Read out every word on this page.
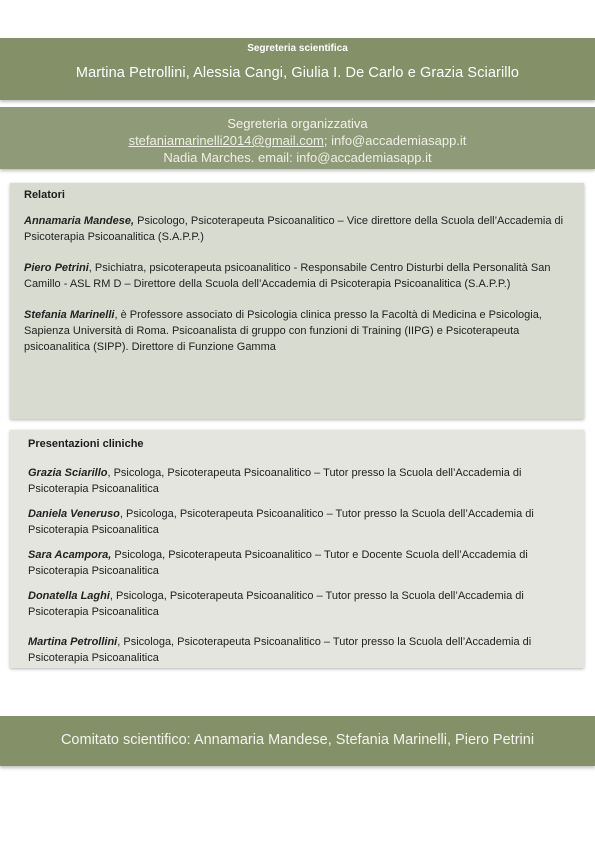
Segreteria scientifica
Martina Petrollini, Alessia Cangi, Giulia I. De Carlo e Grazia Sciarillo
Segreteria organizzativa
stefaniamarinelli2014@gmail.com; info@accademiasapp.it
Nadia Marches. email: info@accademiasapp.it
Relatori
Annamaria Mandese, Psicologo, Psicoterapeuta Psicoanalitico – Vice direttore della Scuola dell’Accademia di Psicoterapia Psicoanalitica (S.A.P.P.)
Piero Petrini, Psichiatra, psicoterapeuta psicoanalitico - Responsabile Centro Disturbi della Personalità San Camillo - ASL RM D – Direttore della Scuola dell’Accademia di Psicoterapia Psicoanalitica (S.A.P.P.)
Stefania Marinelli, è Professore associato di Psicologia clinica presso la Facoltà di Medicina e Psicologia, Sapienza Università di Roma. Psicoanalista di gruppo con funzioni di Training (IIPG) e Psicoterapeuta psicoanalitica (SIPP). Direttore di Funzione Gamma
Presentazioni cliniche
Grazia Sciarillo, Psicologa, Psicoterapeuta Psicoanalitico – Tutor presso la Scuola dell’Accademia di Psicoterapia Psicoanalitica
Daniela Veneruso, Psicologa, Psicoterapeuta Psicoanalitico – Tutor presso la Scuola dell’Accademia di Psicoterapia Psicoanalitica
Sara Acampora, Psicologa, Psicoterapeuta Psicoanalitico – Tutor e Docente Scuola dell’Accademia di Psicoterapia Psicoanalitica
Donatella Laghi, Psicologa, Psicoterapeuta Psicoanalitico – Tutor presso la Scuola dell’Accademia di Psicoterapia Psicoanalitica
Martina Petrollini, Psicologa, Psicoterapeuta Psicoanalitico – Tutor presso la Scuola dell’Accademia di Psicoterapia Psicoanalitica
Comitato scientifico: Annamaria Mandese, Stefania Marinelli, Piero Petrini
